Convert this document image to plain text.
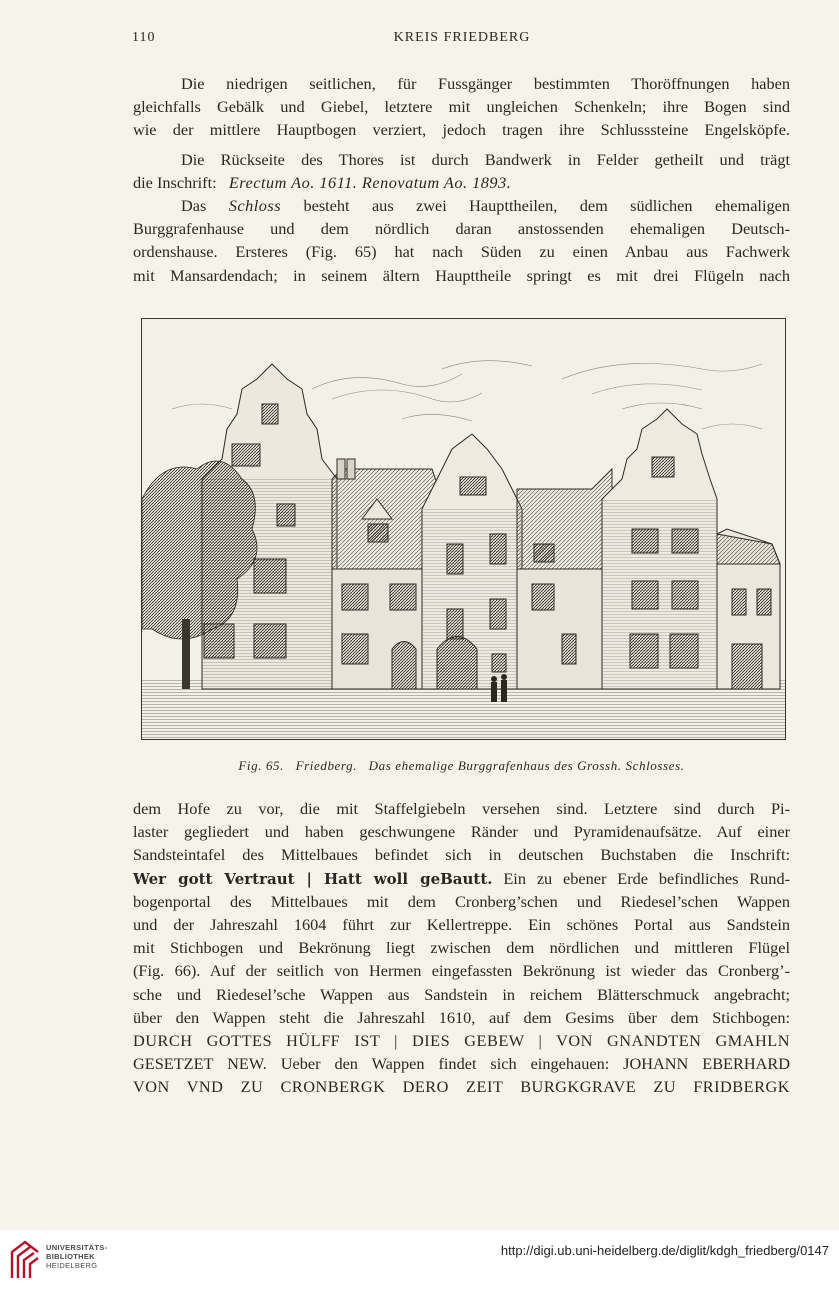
110	KREIS FRIEDBERG
Die niedrigen seitlichen, für Fussgänger bestimmten Thoröffnungen haben
gleichfalls Gebälk und Giebel, letztere mit ungleichen Schenkeln; ihre Bogen sind
wie der mittlere Hauptbogen verziert, jedoch tragen ihre Schlusssteine Engelsköpfe.
Die Rückseite des Thores ist durch Bandwerk in Felder getheilt und trägt
die Inschrift: Erectum Ao. 1611. Renovatum Ao. 1893.
Das Schloss besteht aus zwei Haupttheilen, dem südlichen ehemaligen
Burggrafenhause und dem nördlich daran anstossenden ehemaligen Deutsch-
ordenshause. Ersteres (Fig. 65) hat nach Süden zu einen Anbau aus Fachwerk
mit Mansardendach; in seinem ältern Haupttheile springt es mit drei Flügeln nach
Fig. 65. Friedberg. Das ehemalige Burggrafenhaus des Grossh. Schlosses.
dem Hofe zu vor, die mit Staffelgiebeln versehen sind. Letztere sind durch Pi-
laster gegliedert und haben geschwungene Ränder und Pyramidenaufsätze. Auf einer
Sandsteintafel des Mittelbaues befindet sich in deutschen Buchstaben die Inschrift:
Wer gott Vertraut | Hatt woll geBautt. Ein zu ebener Erde befindliches Rund-
bogenportal des Mittelbaues mit dem Cronberg’schen und Riedesel’schen Wappen
und der Jahreszahl 1604 führt zur Kellertreppe. Ein schönes Portal aus Sandstein
mit Stichbogen und Bekrönung liegt zwischen dem nördlichen und mittleren Flügel
(Fig. 66). Auf der seitlich von Hermen eingefassten Bekrönung ist wieder das Cronberg’-
sche und Riedesel’sche Wappen aus Sandstein in reichem Blätterschmuck angebracht;
über den Wappen steht die Jahreszahl 1610, auf dem Gesims über dem Stichbogen:
DURCH GOTTES HÜLFF IST | DIES GEBEW | VON GNANDTEN GMAHLN
GESETZET NEW. Ueber den Wappen findet sich eingehauen: JOHANN EBERHARD
VON VND ZU CRONBERGK DERO ZEIT BURGKGRAVE ZU FRIDBERGK
UNIVERSITÄTS-
BIBLIOTHEK
HEIDELBERG
http://digi.ub.uni-heidelberg.de/diglit/kdgh_friedberg/0147
